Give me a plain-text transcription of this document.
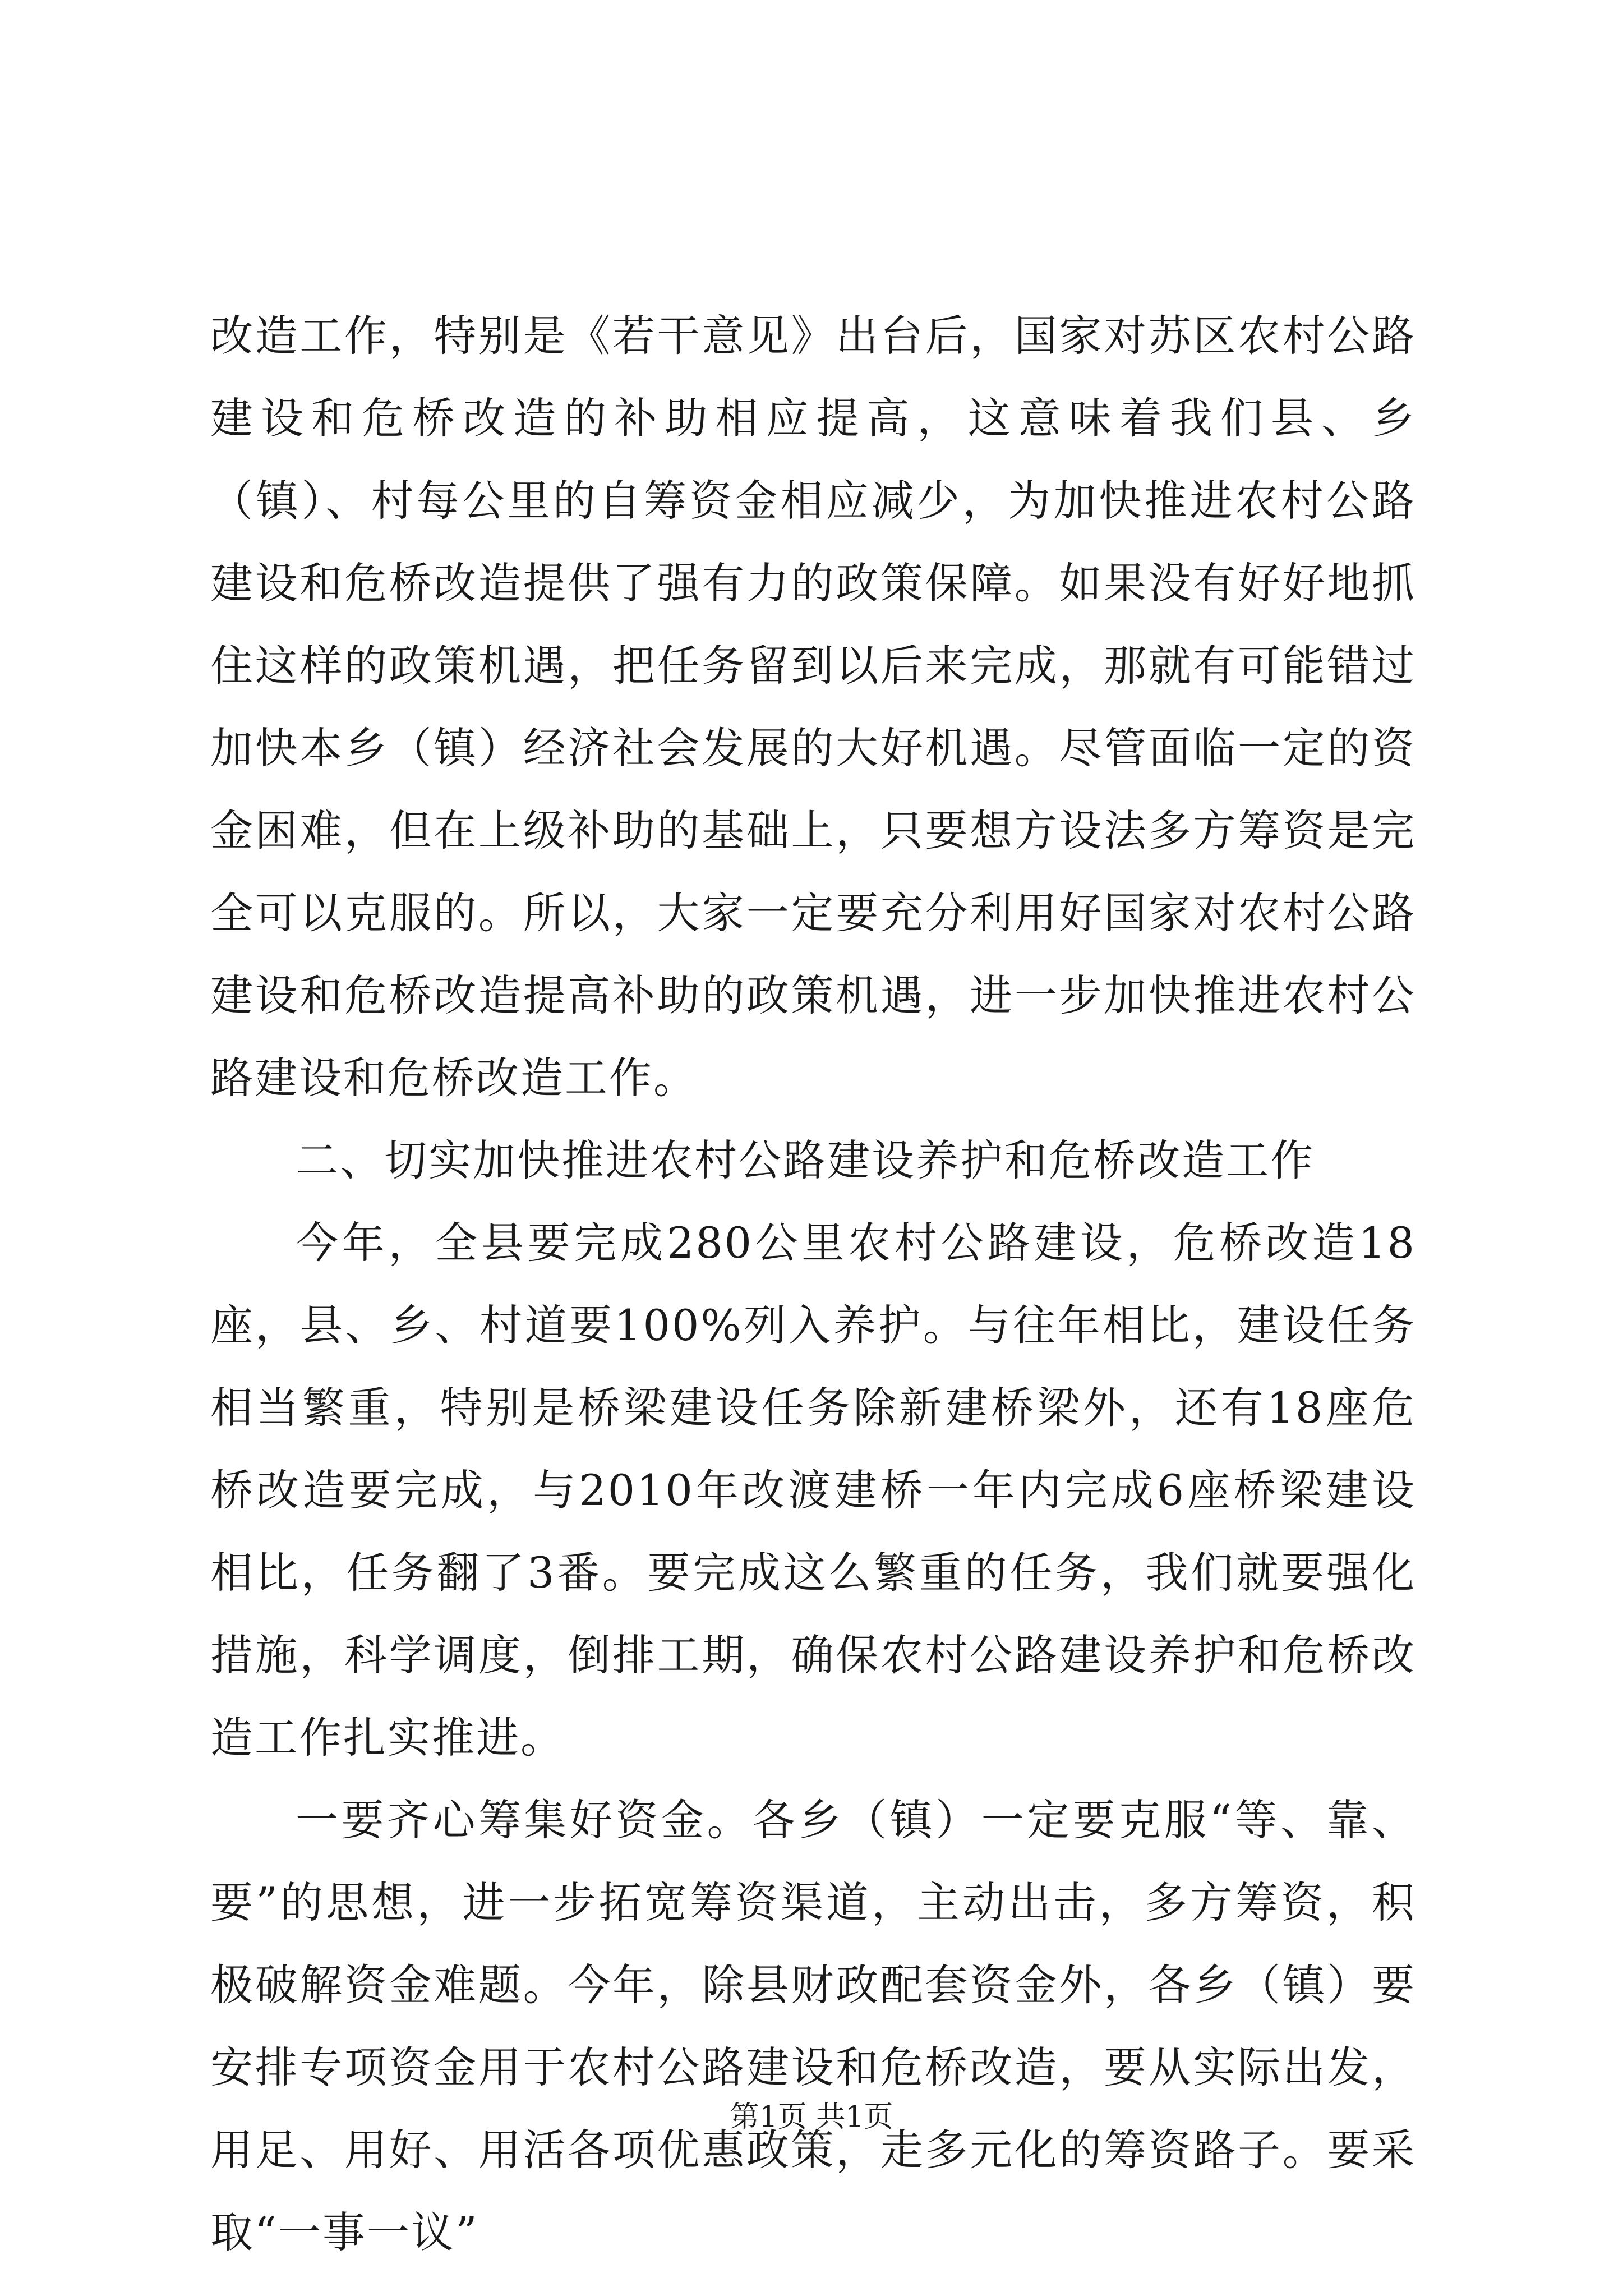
改造工作，特别是《若干意见》出台后，国家对苏区农村公路建设和危桥改造的补助相应提高，这意味着我们县、乡（镇）、村每公里的自筹资金相应减少，为加快推进农村公路建设和危桥改造提供了强有力的政策保障。如果没有好好地抓住这样的政策机遇，把任务留到以后来完成，那就有可能错过加快本乡（镇）经济社会发展的大好机遇。尽管面临一定的资金困难，但在上级补助的基础上，只要想方设法多方筹资是完全可以克服的。所以，大家一定要充分利用好国家对农村公路建设和危桥改造提高补助的政策机遇，进一步加快推进农村公路建设和危桥改造工作。

二、切实加快推进农村公路建设养护和危桥改造工作

今年，全县要完成280公里农村公路建设，危桥改造18座，县、乡、村道要100%列入养护。与往年相比，建设任务相当繁重，特别是桥梁建设任务除新建桥梁外，还有18座危桥改造要完成，与2010年改渡建桥一年内完成6座桥梁建设相比，任务翻了3番。要完成这么繁重的任务，我们就要强化措施，科学调度，倒排工期，确保农村公路建设养护和危桥改造工作扎实推进。

一要齐心筹集好资金。各乡（镇）一定要克服“等、靠、要”的思想，进一步拓宽筹资渠道，主动出击，多方筹资，积极破解资金难题。今年，除县财政配套资金外，各乡（镇）要安排专项资金用于农村公路建设和危桥改造，要从实际出发，用足、用好、用活各项优惠政策，走多元化的筹资路子。要采取“一事一议”

第1页 共1页
